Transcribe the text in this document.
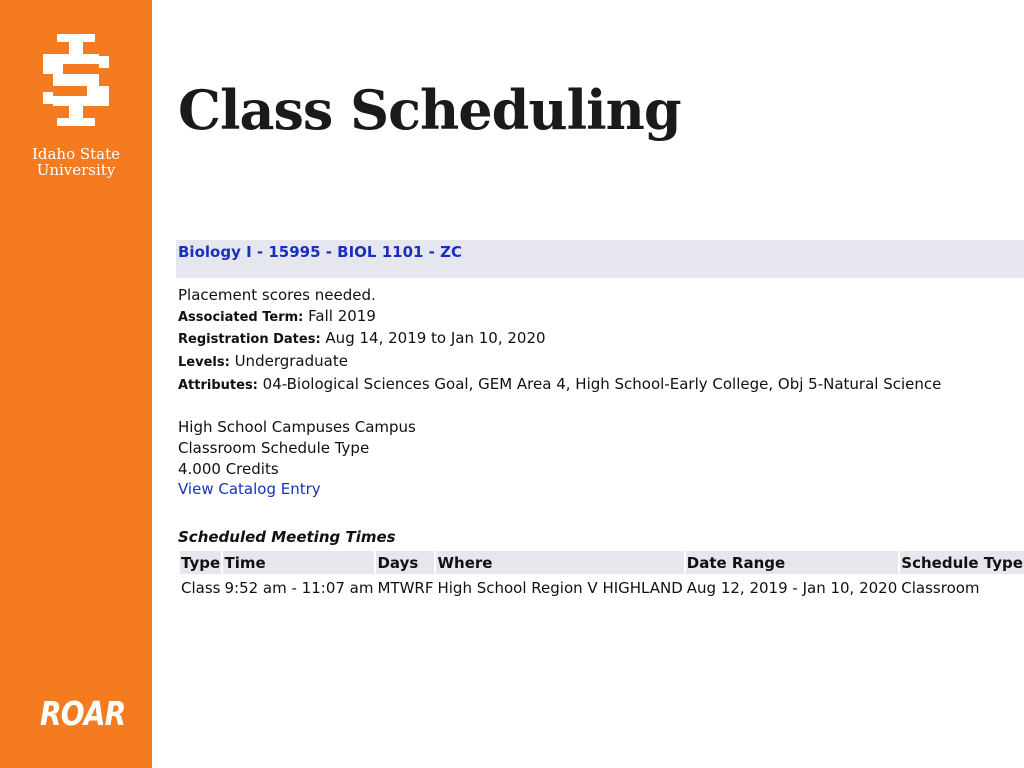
Idaho State
University
ROAR
Class Scheduling
Biology I - 15995 - BIOL 1101 - ZC
Placement scores needed.
Associated Term: Fall 2019
Registration Dates: Aug 14, 2019 to Jan 10, 2020
Levels: Undergraduate
Attributes: 04-Biological Sciences Goal, GEM Area 4, High School-Early College, Obj 5-Natural Science
High School Campuses Campus
Classroom Schedule Type
4.000 Credits
View Catalog Entry
Scheduled Meeting Times
Type	Time	Days	Where	Date Range	Schedule Type
Class	9:52 am - 11:07 am	MTWRF	High School Region V HIGHLAND	Aug 12, 2019 - Jan 10, 2020	Classroom
